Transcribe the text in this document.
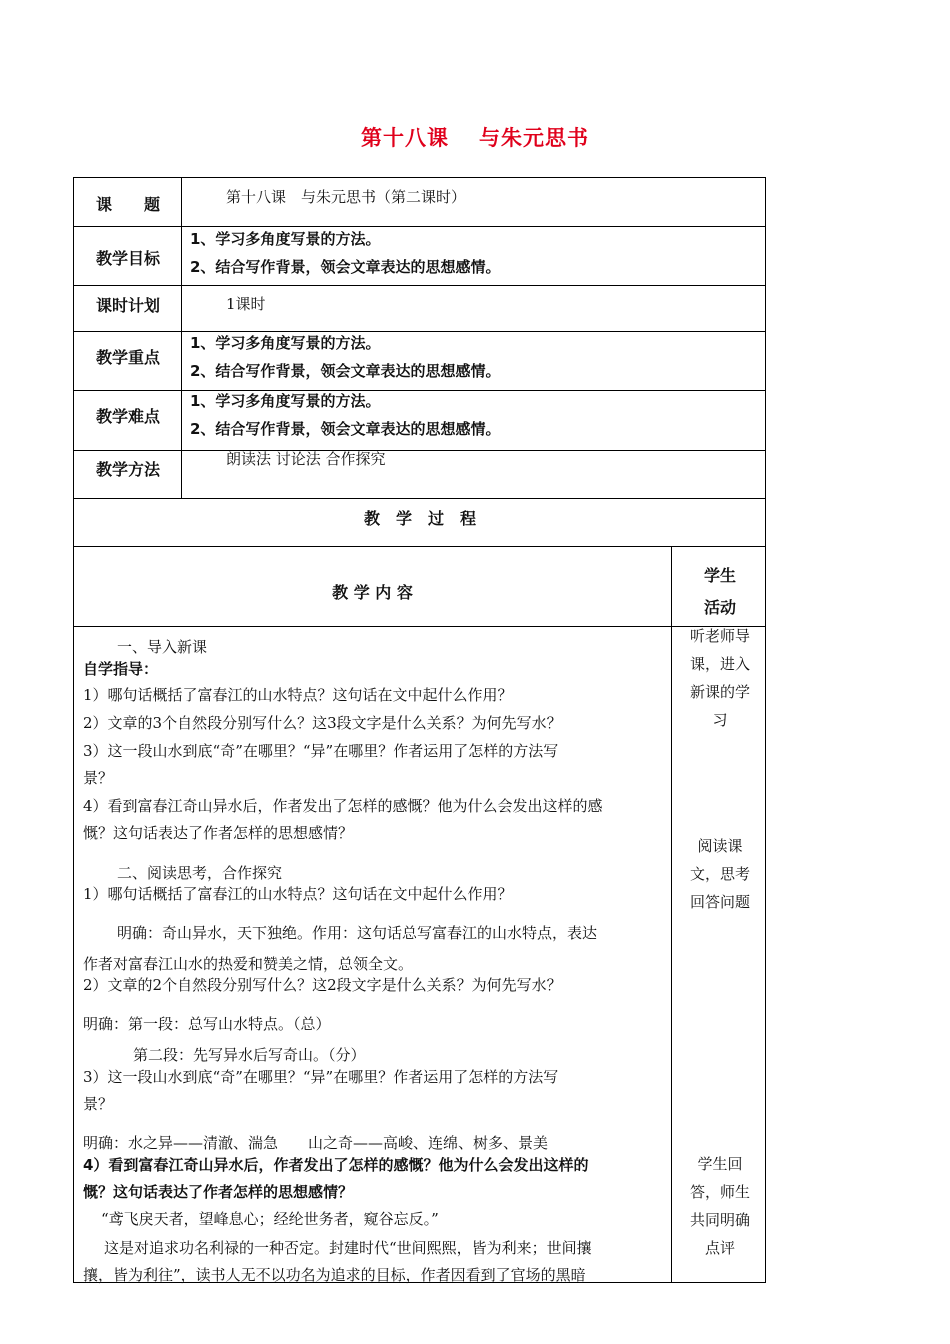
第十八课 与朱元思书
课　　题	第十八课　与朱元思书（第二课时）
教学目标
1、学习多角度写景的方法。
2、结合写作背景，领会文章表达的思想感情。
课时计划	1课时
教学重点
1、学习多角度写景的方法。
2、结合写作背景，领会文章表达的思想感情。
教学难点
1、学习多角度写景的方法。
2、结合写作背景，领会文章表达的思想感情。
教学方法
朗读法 讨论法 合作探究
教　学　过　程
教 学 内 容
学生
活动
一、导入新课
自学指导：
1）哪句话概括了富春江的山水特点？这句话在文中起什么作用？
2）文章的3个自然段分别写什么？这3段文字是什么关系？为何先写水？
3）这一段山水到底“奇”在哪里？“异”在哪里？作者运用了怎样的方法写
景？
4）看到富春江奇山异水后，作者发出了怎样的感慨？他为什么会发出这样的感
慨？这句话表达了作者怎样的思想感情？
二、阅读思考，合作探究
1）哪句话概括了富春江的山水特点？这句话在文中起什么作用？
明确：奇山异水，天下独绝。作用：这句话总写富春江的山水特点，表达
作者对富春江山水的热爱和赞美之情，总领全文。
2）文章的2个自然段分别写什么？这2段文字是什么关系？为何先写水？
明确：第一段：总写山水特点。（总）
第二段：先写异水后写奇山。（分）
3）这一段山水到底“奇”在哪里？“异”在哪里？作者运用了怎样的方法写
景？
明确：水之异——清澈、湍急　　山之奇——高峻、连绵、树多、景美
4）看到富春江奇山异水后，作者发出了怎样的感慨？他为什么会发出这样的
慨？这句话表达了作者怎样的思想感情？
“鸢飞戾天者，望峰息心；经纶世务者，窥谷忘反。”
这是对追求功名利禄的一种否定。封建时代“世间熙熙，皆为利来；世间攘
攘，皆为利往”，读书人无不以功名为追求的目标，作者因看到了官场的黑暗
听老师导
课，进入
新课的学
习
阅读课
文，思考
回答问题
学生回
答，师生
共同明确
点评
